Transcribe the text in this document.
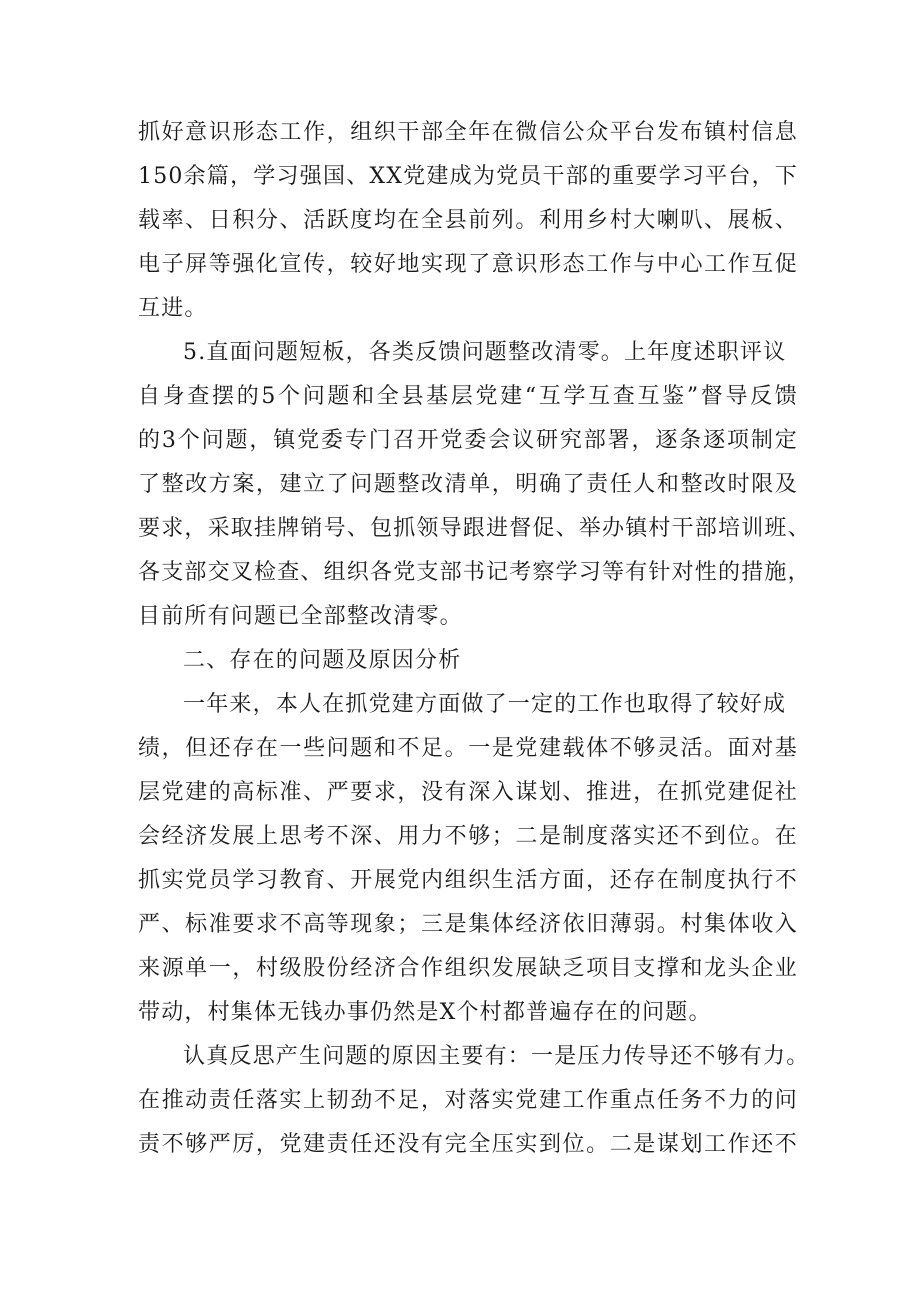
抓好意识形态工作，组织干部全年在微信公众平台发布镇村信息

150余篇，学习强国、XX党建成为党员干部的重要学习平台，下

载率、日积分、活跃度均在全县前列。利用乡村大喇叭、展板、

电子屏等强化宣传，较好地实现了意识形态工作与中心工作互促

互进。

5.直面问题短板，各类反馈问题整改清零。上年度述职评议

自身查摆的5个问题和全县基层党建“互学互查互鉴”督导反馈

的3个问题，镇党委专门召开党委会议研究部署，逐条逐项制定

了整改方案，建立了问题整改清单，明确了责任人和整改时限及

要求，采取挂牌销号、包抓领导跟进督促、举办镇村干部培训班、

各支部交叉检查、组织各党支部书记考察学习等有针对性的措施，

目前所有问题已全部整改清零。

二、存在的问题及原因分析

一年来，本人在抓党建方面做了一定的工作也取得了较好成

绩，但还存在一些问题和不足。一是党建载体不够灵活。面对基

层党建的高标准、严要求，没有深入谋划、推进，在抓党建促社

会经济发展上思考不深、用力不够；二是制度落实还不到位。在

抓实党员学习教育、开展党内组织生活方面，还存在制度执行不

严、标准要求不高等现象；三是集体经济依旧薄弱。村集体收入

来源单一，村级股份经济合作组织发展缺乏项目支撑和龙头企业

带动，村集体无钱办事仍然是X个村都普遍存在的问题。

认真反思产生问题的原因主要有：一是压力传导还不够有力。

在推动责任落实上韧劲不足，对落实党建工作重点任务不力的问

责不够严厉，党建责任还没有完全压实到位。二是谋划工作还不
